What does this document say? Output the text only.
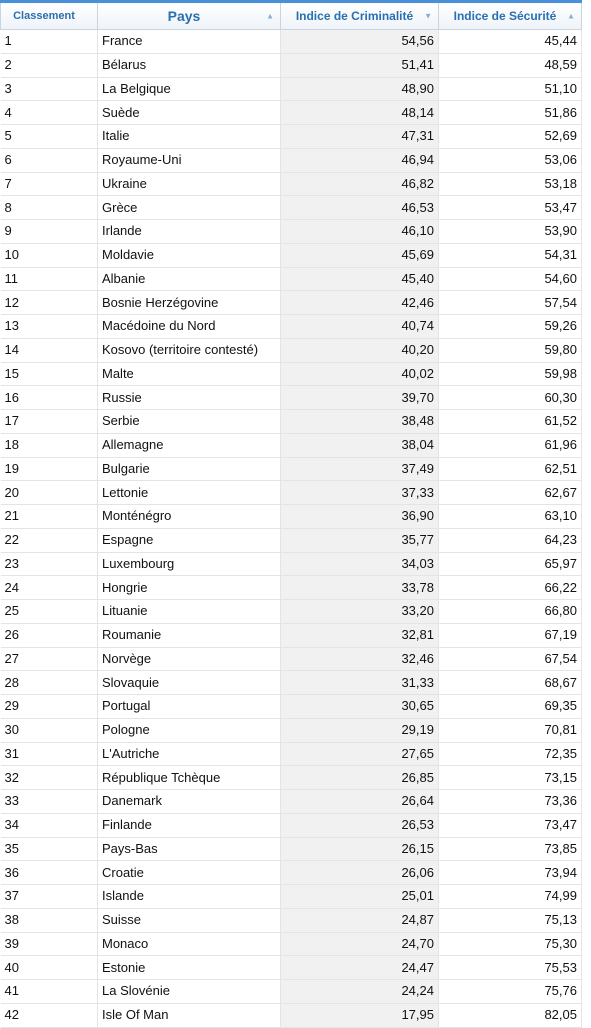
Classement	Pays ▲	Indice de Criminalité ▼	Indice de Sécurité ▲

1	France	54,56	45,44
2	Bélarus	51,41	48,59
3	La Belgique	48,90	51,10
4	Suède	48,14	51,86
5	Italie	47,31	52,69
6	Royaume-Uni	46,94	53,06
7	Ukraine	46,82	53,18
8	Grèce	46,53	53,47
9	Irlande	46,10	53,90
10	Moldavie	45,69	54,31
11	Albanie	45,40	54,60
12	Bosnie Herzégovine	42,46	57,54
13	Macédoine du Nord	40,74	59,26
14	Kosovo (territoire contesté)	40,20	59,80
15	Malte	40,02	59,98
16	Russie	39,70	60,30
17	Serbie	38,48	61,52
18	Allemagne	38,04	61,96
19	Bulgarie	37,49	62,51
20	Lettonie	37,33	62,67
21	Monténégro	36,90	63,10
22	Espagne	35,77	64,23
23	Luxembourg	34,03	65,97
24	Hongrie	33,78	66,22
25	Lituanie	33,20	66,80
26	Roumanie	32,81	67,19
27	Norvège	32,46	67,54
28	Slovaquie	31,33	68,67
29	Portugal	30,65	69,35
30	Pologne	29,19	70,81
31	L'Autriche	27,65	72,35
32	République Tchèque	26,85	73,15
33	Danemark	26,64	73,36
34	Finlande	26,53	73,47
35	Pays-Bas	26,15	73,85
36	Croatie	26,06	73,94
37	Islande	25,01	74,99
38	Suisse	24,87	75,13
39	Monaco	24,70	75,30
40	Estonie	24,47	75,53
41	La Slovénie	24,24	75,76
42	Isle Of Man	17,95	82,05
